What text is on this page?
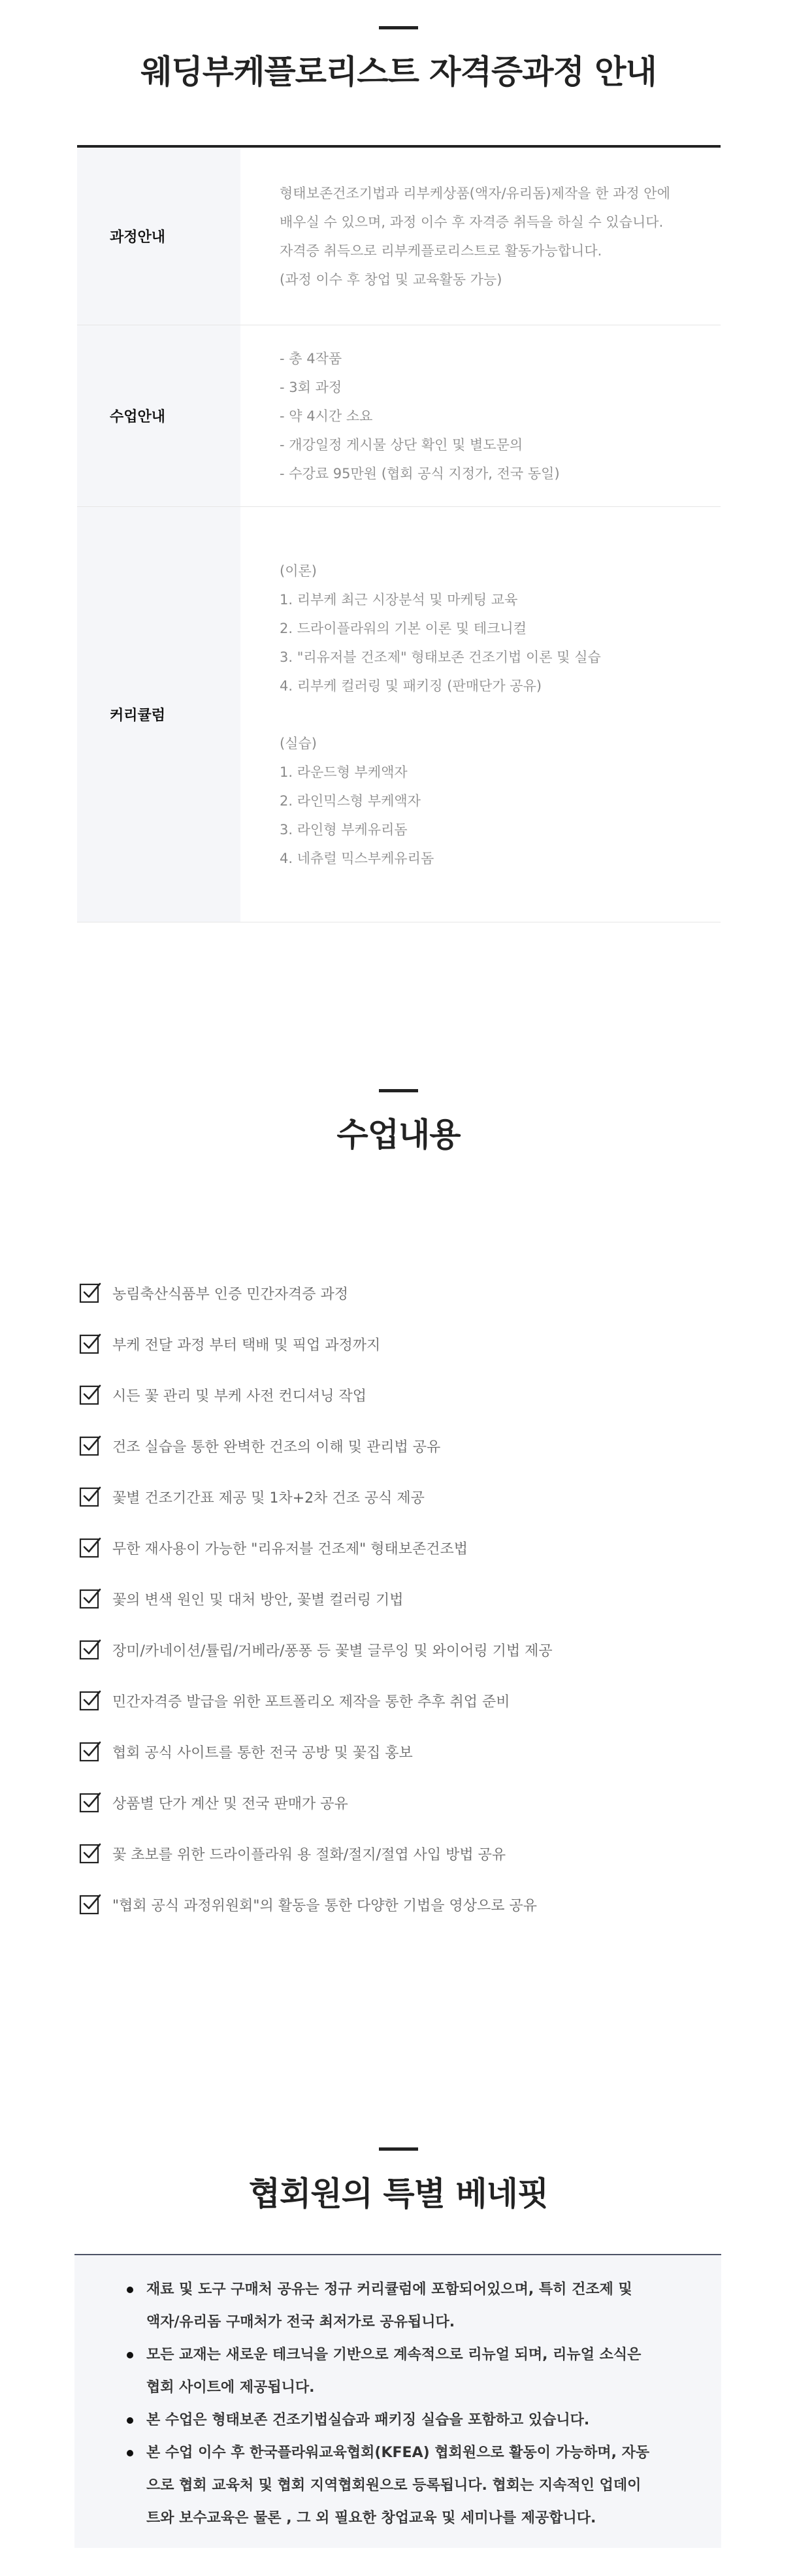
웨딩부케플로리스트 자격증과정 안내
과정안내
형태보존건조기법과 리부케상품(액자/유리돔)제작을 한 과정 안에
배우실 수 있으며, 과정 이수 후 자격증 취득을 하실 수 있습니다.
자격증 취득으로 리부케플로리스트로 활동가능합니다.
(과정 이수 후 창업 및 교육활동 가능)
수업안내
- 총 4작품
- 3회 과정
- 약 4시간 소요
- 개강일정 게시물 상단 확인 및 별도문의
- 수강료 95만원 (협회 공식 지정가, 전국 동일)
커리큘럼
(이론)
1. 리부케 최근 시장분석 및 마케팅 교육
2. 드라이플라워의 기본 이론 및 테크니컬
3. "리유저블 건조제" 형태보존 건조기법 이론 및 실습
4. 리부케 컬러링 및 패키징 (판매단가 공유)
(실습)
1. 라운드형 부케액자
2. 라인믹스형 부케액자
3. 라인형 부케유리돔
4. 네츄럴 믹스부케유리돔
수업내용
농림축산식품부 인증 민간자격증 과정
부케 전달 과정 부터 택배 및 픽업 과정까지
시든 꽃 관리 및 부케 사전 컨디셔닝 작업
건조 실습을 통한 완벽한 건조의 이해 및 관리법 공유
꽃별 건조기간표 제공 및 1차+2차 건조 공식 제공
무한 재사용이 가능한 "리유저블 건조제" 형태보존건조법
꽃의 변색 원인 및 대처 방안, 꽃별 컬러링 기법
장미/카네이션/튤립/거베라/퐁퐁 등 꽃별 글루잉 및 와이어링 기법 제공
민간자격증 발급을 위한 포트폴리오 제작을 통한 추후 취업 준비
협회 공식 사이트를 통한 전국 공방 및 꽃집 홍보
상품별 단가 계산 및 전국 판매가 공유
꽃 초보를 위한 드라이플라워 용 절화/절지/절엽 사입 방법 공유
"협회 공식 과정위원회"의 활동을 통한 다양한 기법을 영상으로 공유
협회원의 특별 베네핏
재료 및 도구 구매처 공유는 정규 커리큘럼에 포함되어있으며, 특히 건조제 및
액자/유리돔 구매처가 전국 최저가로 공유됩니다.
모든 교재는 새로운 테크닉을 기반으로 계속적으로 리뉴얼 되며, 리뉴얼 소식은
협회 사이트에 제공됩니다.
본 수업은 형태보존 건조기법실습과 패키징 실습을 포함하고 있습니다.
본 수업 이수 후 한국플라워교육협회(KFEA) 협회원으로 활동이 가능하며, 자동
으로 협회 교육처 및 협회 지역협회원으로 등록됩니다. 협회는 지속적인 업데이
트와 보수교육은 물론 , 그 외 필요한 창업교육 및 세미나를 제공합니다.
